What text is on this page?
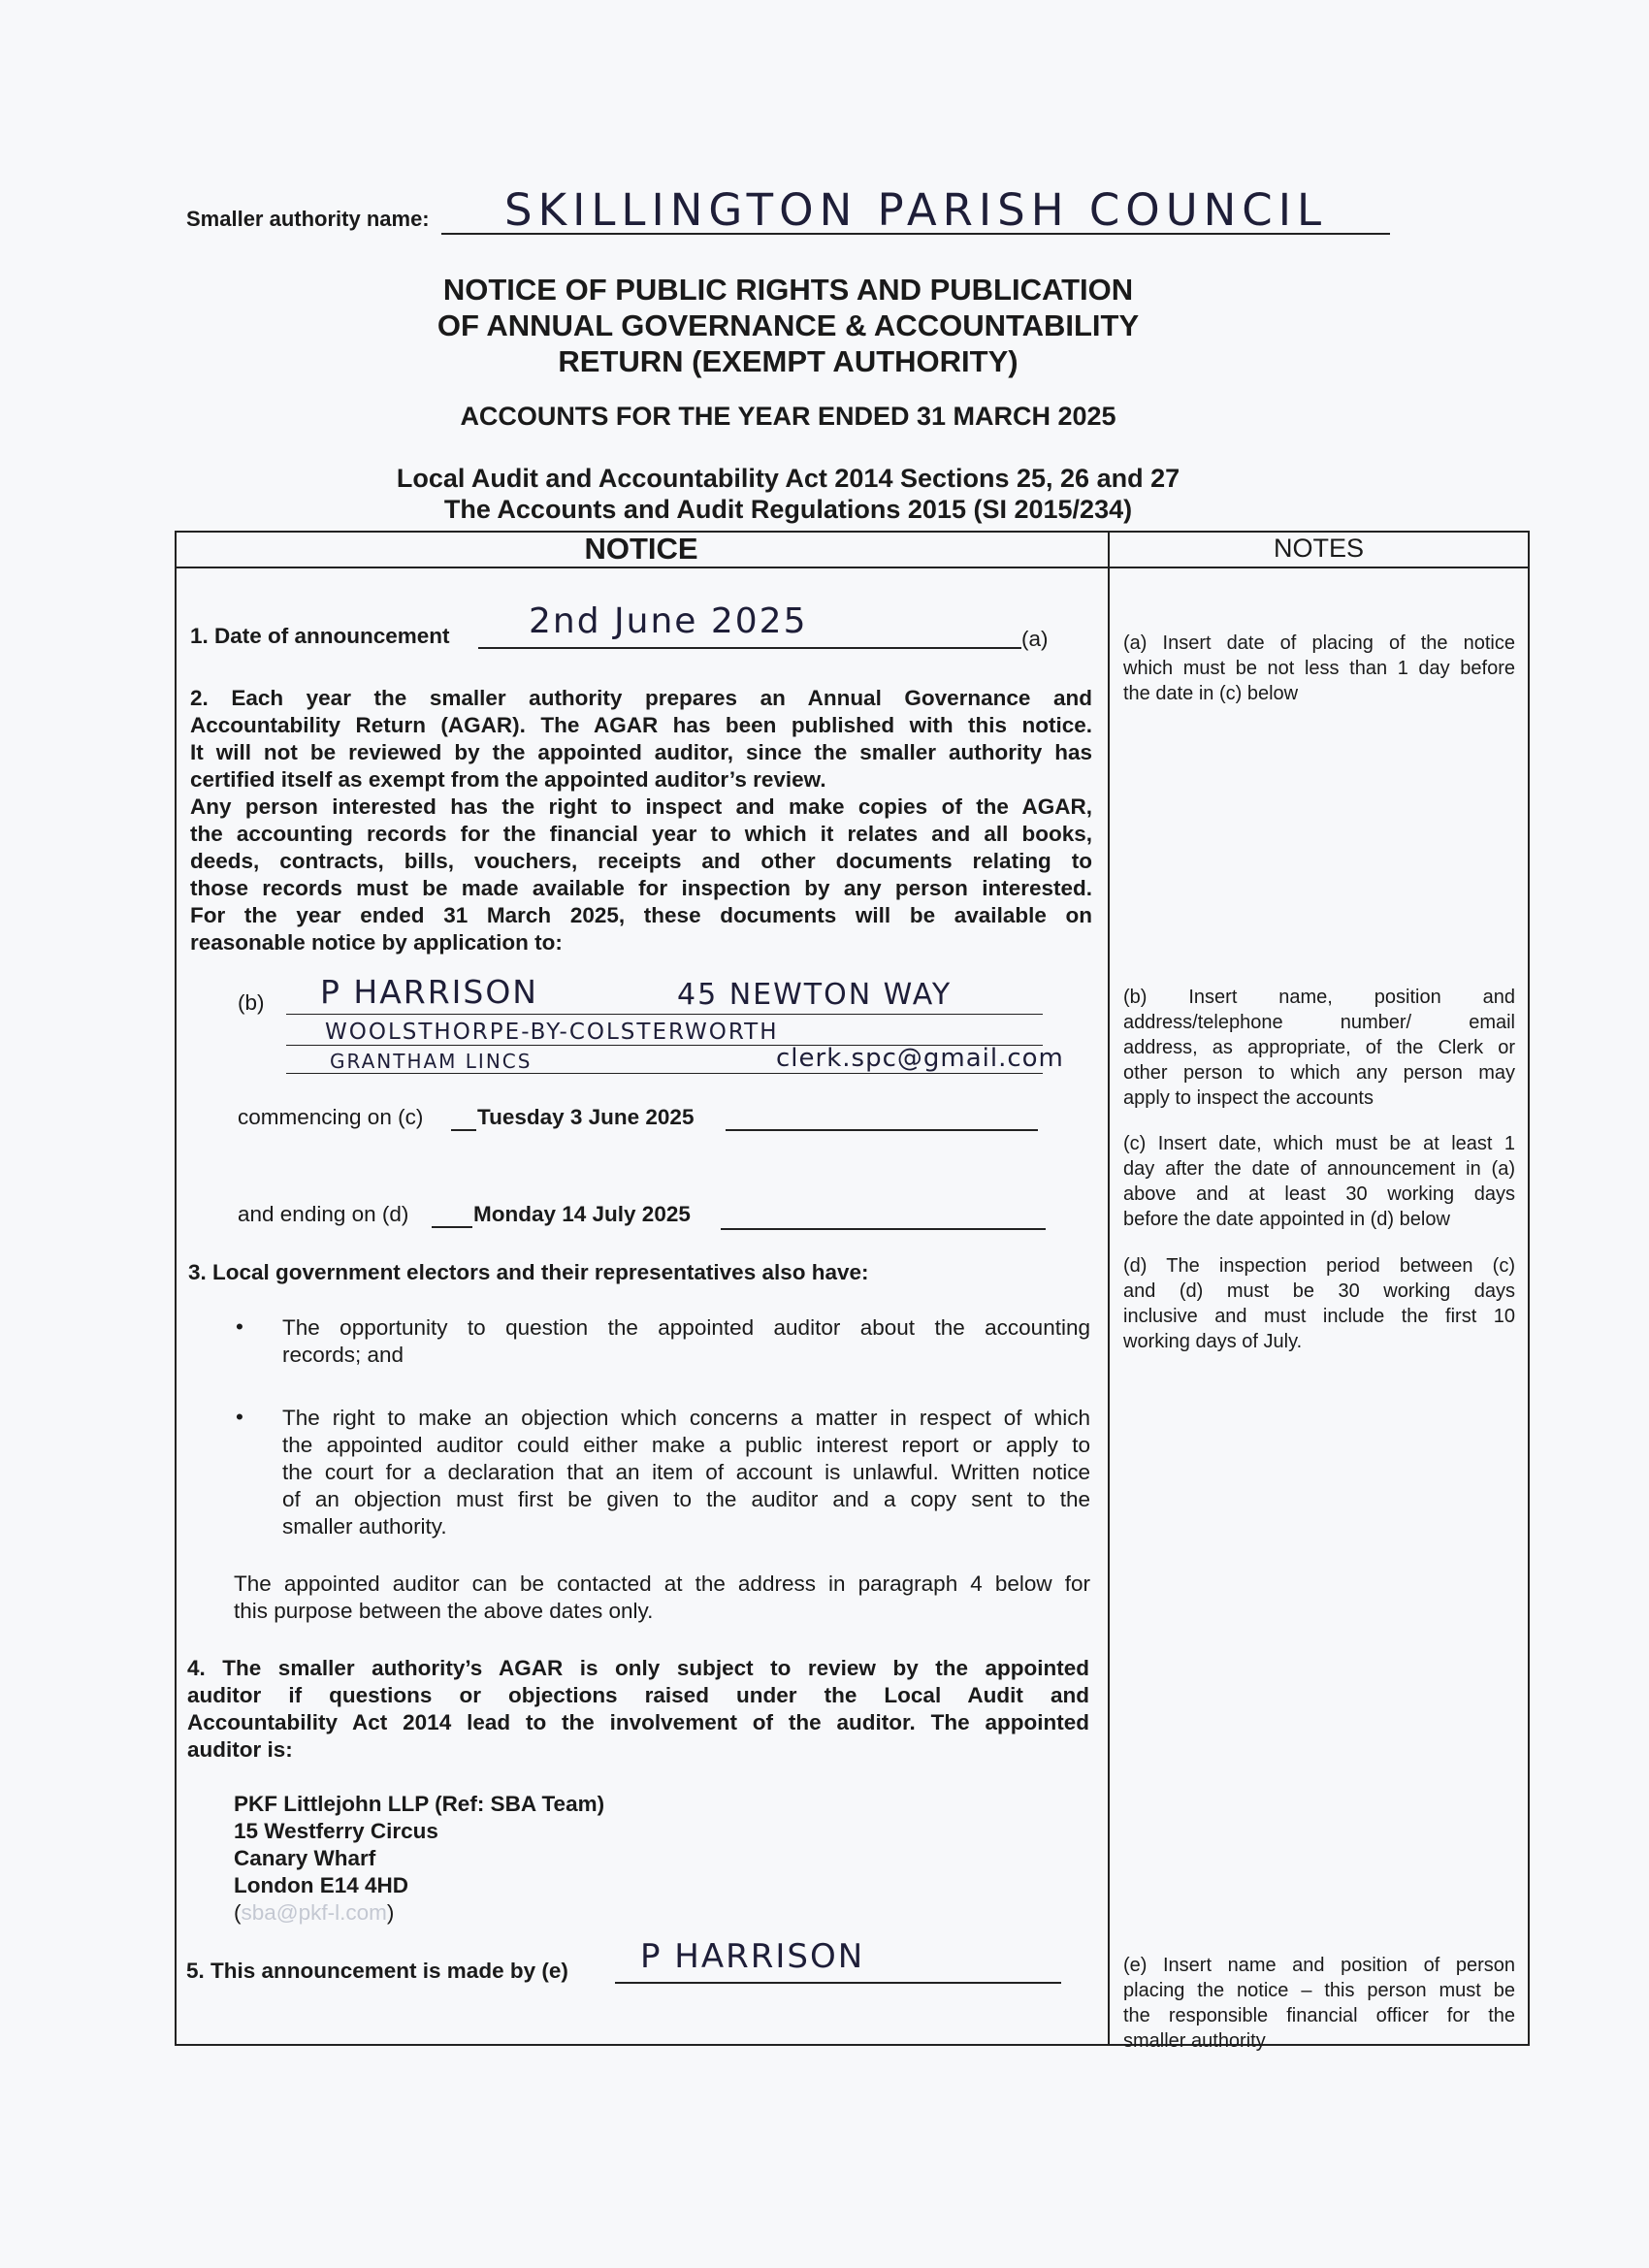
Smaller authority name: SKILLINGTON PARISH COUNCIL
NOTICE OF PUBLIC RIGHTS AND PUBLICATION
OF ANNUAL GOVERNANCE & ACCOUNTABILITY
RETURN (EXEMPT AUTHORITY)
ACCOUNTS FOR THE YEAR ENDED 31 MARCH 2025
Local Audit and Accountability Act 2014 Sections 25, 26 and 27
The Accounts and Audit Regulations 2015 (SI 2015/234)
NOTICE	NOTES
1. Date of announcement 2nd June 2025	(a)
2. Each year the smaller authority prepares an Annual Governance and
Accountability Return (AGAR). The AGAR has been published with this notice.
It will not be reviewed by the appointed auditor, since the smaller authority has
certified itself as exempt from the appointed auditor’s review.
Any person interested has the right to inspect and make copies of the AGAR,
the accounting records for the financial year to which it relates and all books,
deeds, contracts, bills, vouchers, receipts and other documents relating to
those records must be made available for inspection by any person interested.
For the year ended 31 March 2025, these documents will be available on
reasonable notice by application to:
(b) P HARRISON	45 NEWTON WAY
WOOLSTHORPE-BY-COLSTERWORTH
GRANTHAM LINCS	clerk.spc@gmail.com
commencing on (c) Tuesday 3 June 2025
and ending on (d)	Monday 14 July 2025
3. Local government electors and their representatives also have:
• The opportunity to question the appointed auditor about the accounting
records; and
• The right to make an objection which concerns a matter in respect of which
the appointed auditor could either make a public interest report or apply to
the court for a declaration that an item of account is unlawful. Written notice
of an objection must first be given to the auditor and a copy sent to the
smaller authority.
The appointed auditor can be contacted at the address in paragraph 4 below for
this purpose between the above dates only.
4. The smaller authority’s AGAR is only subject to review by the appointed
auditor if questions or objections raised under the Local Audit and
Accountability Act 2014 lead to the involvement of the auditor. The appointed
auditor is:
PKF Littlejohn LLP (Ref: SBA Team)
15 Westferry Circus
Canary Wharf
London E14 4HD
(sba@pkf-l.com)
5. This announcement is made by (e) P HARRISON
(a) Insert date of placing of the notice
which must be not less than 1 day before
the date in (c) below
(b) Insert name, position and
address/telephone number/ email
address, as appropriate, of the Clerk or
other person to which any person may
apply to inspect the accounts
(c) Insert date, which must be at least 1
day after the date of announcement in (a)
above and at least 30 working days
before the date appointed in (d) below
(d) The inspection period between (c)
and (d) must be 30 working days
inclusive and must include the first 10
working days of July.
(e) Insert name and position of person
placing the notice – this person must be
the responsible financial officer for the
smaller authority
